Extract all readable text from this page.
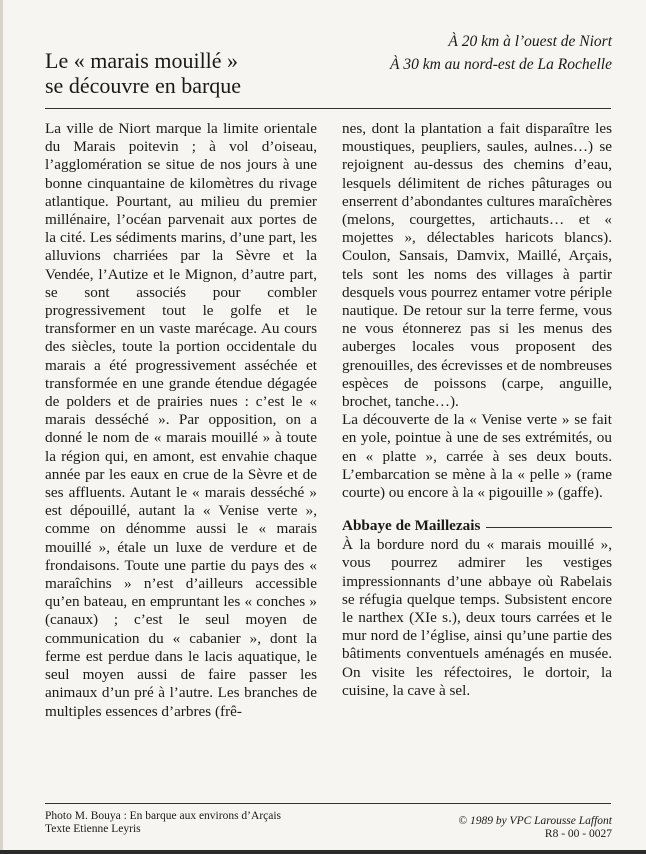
Le « marais mouillé »
se découvre en barque
À 20 km à l’ouest de Niort
À 30 km au nord-est de La Rochelle

La ville de Niort marque la limite orientale du Marais poitevin ; à vol d’oiseau, l’agglomération se situe de nos jours à une bonne cinquantaine de kilomètres du rivage atlantique. Pourtant, au milieu du premier millénaire, l’océan parvenait aux portes de la cité. Les sédiments marins, d’une part, les alluvions charriées par la Sèvre et la Vendée, l’Autize et le Mignon, d’autre part, se sont associés pour combler progressivement tout le golfe et le transformer en un vaste marécage. Au cours des siècles, toute la portion occidentale du marais a été progressivement asséchée et transformée en une grande étendue dégagée de polders et de prairies nues : c’est le « marais desséché ». Par opposition, on a donné le nom de « marais mouillé » à toute la région qui, en amont, est envahie chaque année par les eaux en crue de la Sèvre et de ses affluents. Autant le « marais desséché » est dépouillé, autant la « Venise verte », comme on dénomme aussi le « marais mouillé », étale un luxe de verdure et de frondaisons. Toute une partie du pays des « maraîchins » n’est d’ailleurs accessible qu’en bateau, en empruntant les « conches » (canaux) ; c’est le seul moyen de communication du « cabanier », dont la ferme est perdue dans le lacis aquatique, le seul moyen aussi de faire passer les animaux d’un pré à l’autre. Les branches de multiples essences d’arbres (frê-

nes, dont la plantation a fait disparaître les moustiques, peupliers, saules, aulnes…) se rejoignent au-dessus des chemins d’eau, lesquels délimitent de riches pâturages ou enserrent d’abondantes cultures maraîchères (melons, courgettes, artichauts… et « mojettes », délectables haricots blancs). Coulon, Sansais, Damvix, Maillé, Arçais, tels sont les noms des villages à partir desquels vous pourrez entamer votre périple nautique. De retour sur la terre ferme, vous ne vous étonnerez pas si les menus des auberges locales vous proposent des grenouilles, des écrevisses et de nombreuses espèces de poissons (carpe, anguille, brochet, tanche…).

La découverte de la « Venise verte » se fait en yole, pointue à une de ses extrémités, ou en « platte », carrée à ses deux bouts. L’embarcation se mène à la « pelle » (rame courte) ou encore à la « pigouille » (gaffe).

Abbaye de Maillezais

À la bordure nord du « marais mouillé », vous pourrez admirer les vestiges impressionnants d’une abbaye où Rabelais se réfugia quelque temps. Subsistent encore le narthex (XIe s.), deux tours carrées et le mur nord de l’église, ainsi qu’une partie des bâtiments conventuels aménagés en musée. On visite les réfectoires, le dortoir, la cuisine, la cave à sel.

Photo M. Bouya : En barque aux environs d’Arçais
Texte Etienne Leyris
© 1989 by VPC Larousse Laffont
R8 - 00 - 0027
